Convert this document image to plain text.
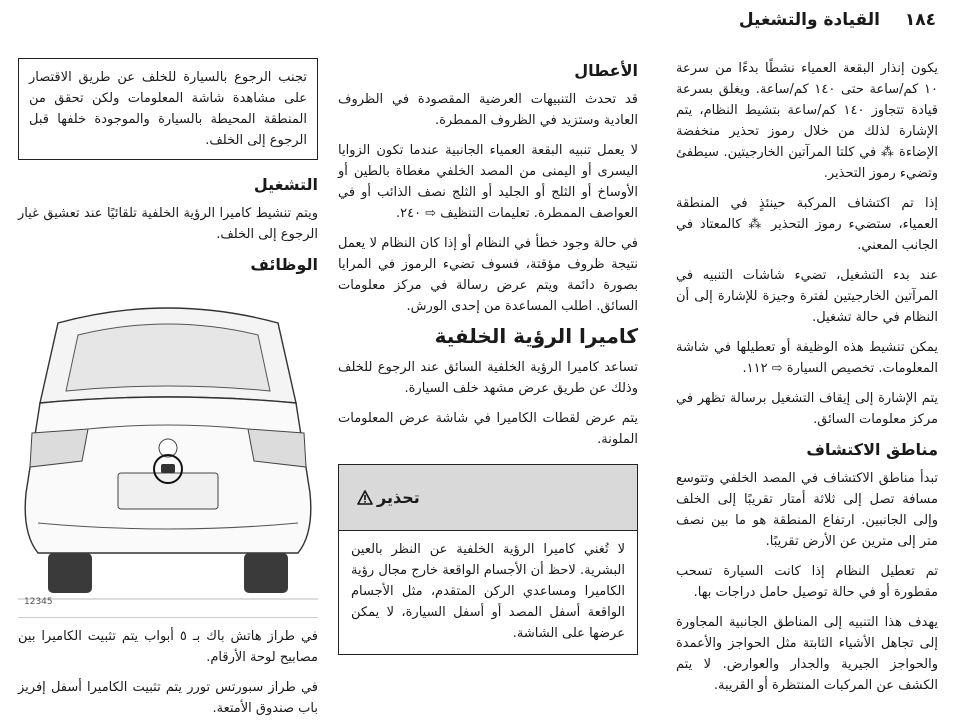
١٨٤
القيادة والتشغيل

يكون إنذار البقعة العمياء نشطًا بدءًا من سرعة ١٠ كم/ساعة حتى ١٤٠ كم/ساعة. ويغلق بسرعة قيادة تتجاوز ١٤٠ كم/ساعة بتشيط النظام، يتم الإشارة لذلك من خلال رموز تحذير منخفضة الإضاءة ⁂ في كلتا المرآتين الخارجيتين. سيطفئ وتضيء رموز التحذير.

إذا تم اكتشاف المركبة حينئذٍ في المنطقة العمياء، ستضيء رموز التحذير ⁂ كالمعتاد في الجانب المعني.

عند بدء التشغيل، تضيء شاشات التنبيه في المرآتين الخارجيتين لفترة وجيزة للإشارة إلى أن النظام في حالة تشغيل.

يمكن تنشيط هذه الوظيفة أو تعطيلها في شاشة المعلومات. تخصيص السيارة ⇨ ١١٢.

يتم الإشارة إلى إيقاف التشغيل برسالة تظهر في مركز معلومات السائق.

مناطق الاكتشاف

تبدأ مناطق الاكتشاف في المصد الخلفي وتتوسع مسافة تصل إلى ثلاثة أمتار تقريبًا إلى الخلف وإلى الجانبين. ارتفاع المنطقة هو ما بين نصف متر إلى مترين عن الأرض تقريبًا.

تم تعطيل النظام إذا كانت السيارة تسحب مقطورة أو في حالة توصيل حامل دراجات بها.

يهدف هذا التنبيه إلى المناطق الجانبية المجاورة إلى تجاهل الأشياء الثابتة مثل الحواجز والأعمدة والحواجز الجيرية والجدار والعوارض. لا يتم الكشف عن المركبات المنتظرة أو القريبة.

الأعطال

قد تحدث التنبيهات العرضية المقصودة في الظروف العادية وستزيد في الظروف الممطرة.

لا يعمل تنبيه البقعة العمياء الجانبية عندما تكون الزوايا اليسرى أو اليمنى من المصد الخلفي مغطاة بالطين أو الأوساخ أو الثلج أو الجليد أو الثلج نصف الذائب أو في العواصف الممطرة. تعليمات التنظيف ⇨ ٢٤٠.

في حالة وجود خطأ في النظام أو إذا كان النظام لا يعمل نتيجة ظروف مؤقتة، فسوف تضيء الرموز في المرايا بصورة دائمة ويتم عرض رسالة في مركز معلومات السائق. اطلب المساعدة من إحدى الورش.

كاميرا الرؤية الخلفية

تساعد كاميرا الرؤية الخلفية السائق عند الرجوع للخلف وذلك عن طريق عرض مشهد خلف السيارة.

يتم عرض لقطات الكاميرا في شاشة عرض المعلومات الملونة.

تحذير
لا تُغني كاميرا الرؤية الخلفية عن النظر بالعين البشرية. لاحظ أن الأجسام الواقعة خارج مجال رؤية الكاميرا ومساعدي الركن المتقدم، مثل الأجسام الواقعة أسفل المصد أو أسفل السيارة، لا يمكن عرضها على الشاشة.
تجنب الرجوع بالسيارة للخلف عن طريق الاقتصار على مشاهدة شاشة المعلومات ولكن تحقق من المنطقة المحيطة بالسيارة والموجودة خلفها قبل الرجوع إلى الخلف.
التشغيل

ويتم تنشيط كاميرا الرؤية الخلفية تلقائيًا عند تعشيق غيار الرجوع إلى الخلف.

الوظائف
12345

في طراز هاتش باك بـ ٥ أبواب يتم تثبيت الكاميرا بين مصابيح لوحة الأرقام.

في طراز سبورتس تورر يتم تثبيت الكاميرا أسفل إفريز باب صندوق الأمتعة.
